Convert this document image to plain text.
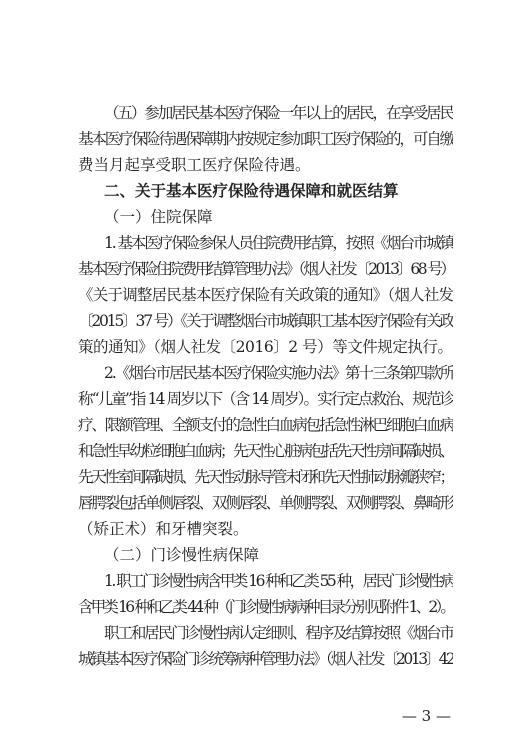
（五）参加居民基本医疗保险一年以上的居民，在享受居民
基本医疗保险待遇保障期内按规定参加职工医疗保险的，可自缴
费当月起享受职工医疗保险待遇。
二、关于基本医疗保险待遇保障和就医结算
（一）住院保障
1. 基本医疗保险参保人员住院费用结算，按照《烟台市城镇
基本医疗保险住院费用结算管理办法》（烟人社发〔2013〕68 号）
《关于调整居民基本医疗保险有关政策的通知》（烟人社发
〔2015〕37 号）《关于调整烟台市城镇职工基本医疗保险有关政
策的通知》（烟人社发〔2016〕2 号）等文件规定执行。
2.《烟台市居民基本医疗保险实施办法》第十三条第四款所
称“儿童”指 14 周岁以下（含 14 周岁）。实行定点救治、规范诊
疗、限额管理、全额支付的急性白血病包括急性淋巴细胞白血病
和急性早幼粒细胞白血病；先天性心脏病包括先天性房间隔缺损、
先天性室间隔缺损、先天性动脉导管未闭和先天性肺动脉瓣狭窄；
唇腭裂包括单侧唇裂、双侧唇裂、单侧腭裂、双侧腭裂、鼻畸形
（矫正术）和牙槽突裂。
（二）门诊慢性病保障
1. 职工门诊慢性病含甲类 16 种和乙类 55 种，居民门诊慢性病
含甲类 16 种和乙类 44 种（门诊慢性病病种目录分别见附件 1、2）。
职工和居民门诊慢性病认定细则、程序及结算按照《烟台市
城镇基本医疗保险门诊统筹病种管理办法》（烟人社发〔2013〕42
— 3 —
